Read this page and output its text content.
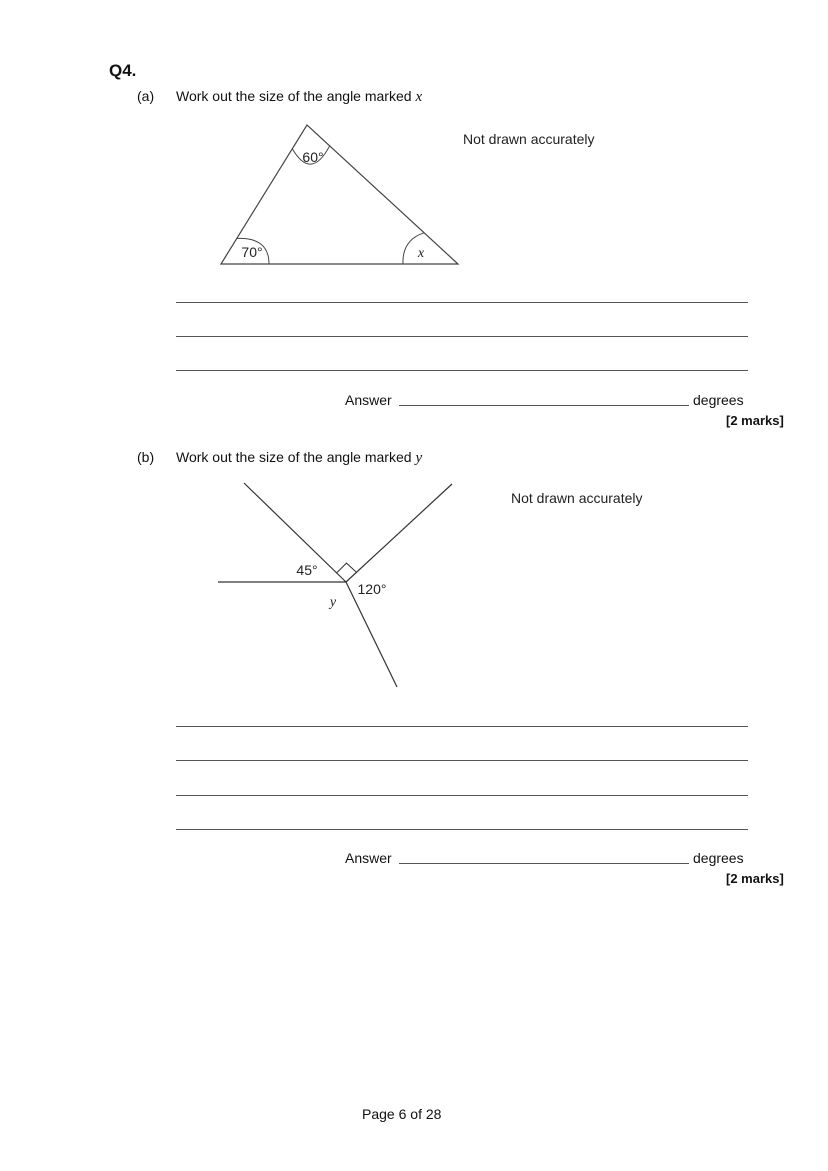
Q4.
(a) Work out the size of the angle marked x
Not drawn accurately
60°
70°	x
Answer	degrees
[2 marks]
(b) Work out the size of the angle marked y
Not drawn accurately
45°
120°
y
Answer	degrees
[2 marks]
Page 6 of 28
